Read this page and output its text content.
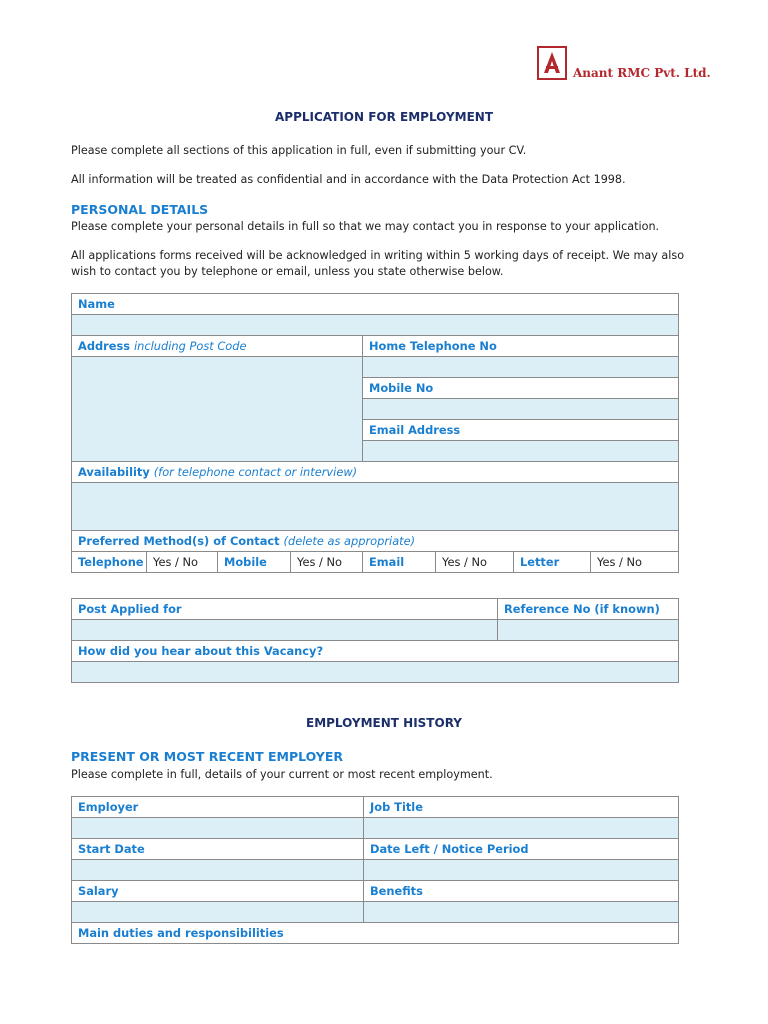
Anant RMC Pvt. Ltd.
APPLICATION FOR EMPLOYMENT
Please complete all sections of this application in full, even if submitting your CV.
All information will be treated as confidential and in accordance with the Data Protection Act 1998.
PERSONAL DETAILS
Please complete your personal details in full so that we may contact you in response to your application.
All applications forms received will be acknowledged in writing within 5 working days of receipt. We may also wish to contact you by telephone or email, unless you state otherwise below.
Name							

Address including Post Code				Home Telephone No			

				Mobile No			

				Email Address			

Availability (for telephone contact or interview)							

Preferred Method(s) of Contact (delete as appropriate)							
Telephone	Yes / No	Mobile	Yes / No	Email	Yes / No	Letter	Yes / No
Post Applied for	Reference No (if known)

How did you hear about this Vacancy?	

EMPLOYMENT HISTORY
PRESENT OR MOST RECENT EMPLOYER
Please complete in full, details of your current or most recent employment.
Employer	Job Title

Start Date	Date Left / Notice Period

Salary	Benefits

Main duties and responsibilities	
